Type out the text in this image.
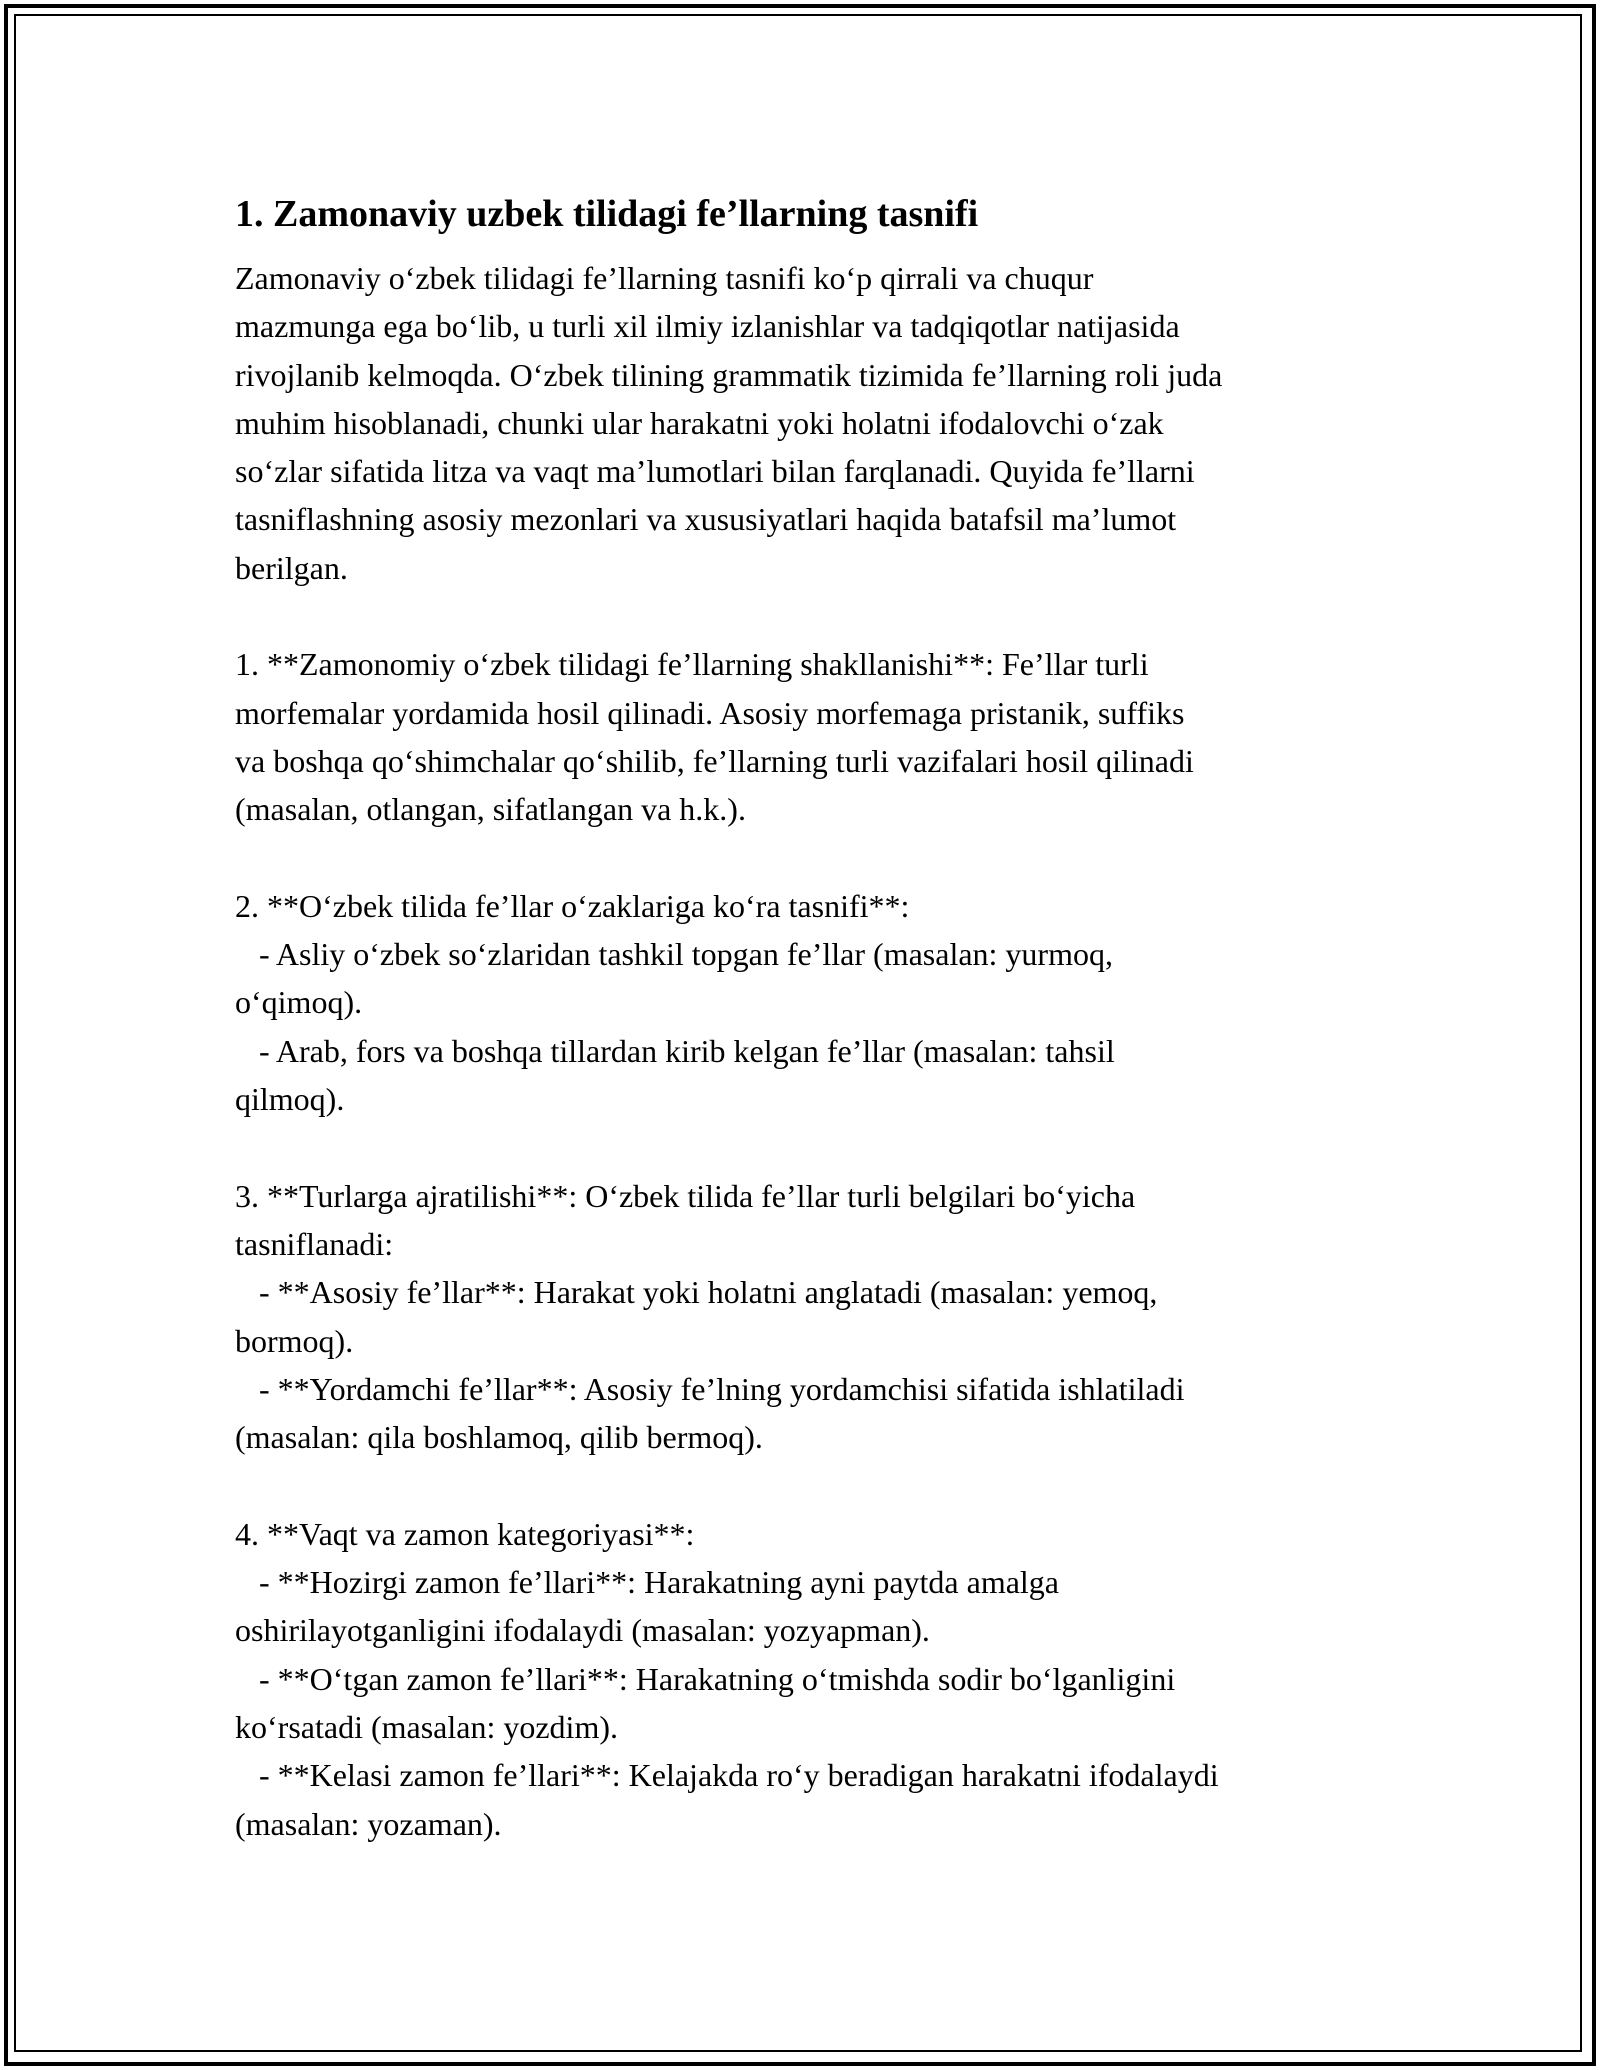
1. Zamonaviy uzbek tilidagi fe’llarning tasnifi
Zamonaviy o‘zbek tilidagi fe’llarning tasnifi ko‘p qirrali va chuqur
mazmunga ega bo‘lib, u turli xil ilmiy izlanishlar va tadqiqotlar natijasida
rivojlanib kelmoqda. O‘zbek tilining grammatik tizimida fe’llarning roli juda
muhim hisoblanadi, chunki ular harakatni yoki holatni ifodalovchi o‘zak
so‘zlar sifatida litza va vaqt ma’lumotlari bilan farqlanadi. Quyida fe’llarni
tasniflashning asosiy mezonlari va xususiyatlari haqida batafsil ma’lumot
berilgan.
1. **Zamonomiy o‘zbek tilidagi fe’llarning shakllanishi**: Fe’llar turli
morfemalar yordamida hosil qilinadi. Asosiy morfemaga pristanik, suffiks
va boshqa qo‘shimchalar qo‘shilib, fe’llarning turli vazifalari hosil qilinadi
(masalan, otlangan, sifatlangan va h.k.).
2. **O‘zbek tilida fe’llar o‘zaklariga ko‘ra tasnifi**:
- Asliy o‘zbek so‘zlaridan tashkil topgan fe’llar (masalan: yurmoq,
o‘qimoq).
- Arab, fors va boshqa tillardan kirib kelgan fe’llar (masalan: tahsil
qilmoq).
3. **Turlarga ajratilishi**: O‘zbek tilida fe’llar turli belgilari bo‘yicha
tasniflanadi:
- **Asosiy fe’llar**: Harakat yoki holatni anglatadi (masalan: yemoq,
bormoq).
- **Yordamchi fe’llar**: Asosiy fe’lning yordamchisi sifatida ishlatiladi
(masalan: qila boshlamoq, qilib bermoq).
4. **Vaqt va zamon kategoriyasi**:
- **Hozirgi zamon fe’llari**: Harakatning ayni paytda amalga
oshirilayotganligini ifodalaydi (masalan: yozyapman).
- **O‘tgan zamon fe’llari**: Harakatning o‘tmishda sodir bo‘lganligini
ko‘rsatadi (masalan: yozdim).
- **Kelasi zamon fe’llari**: Kelajakda ro‘y beradigan harakatni ifodalaydi
(masalan: yozaman).
